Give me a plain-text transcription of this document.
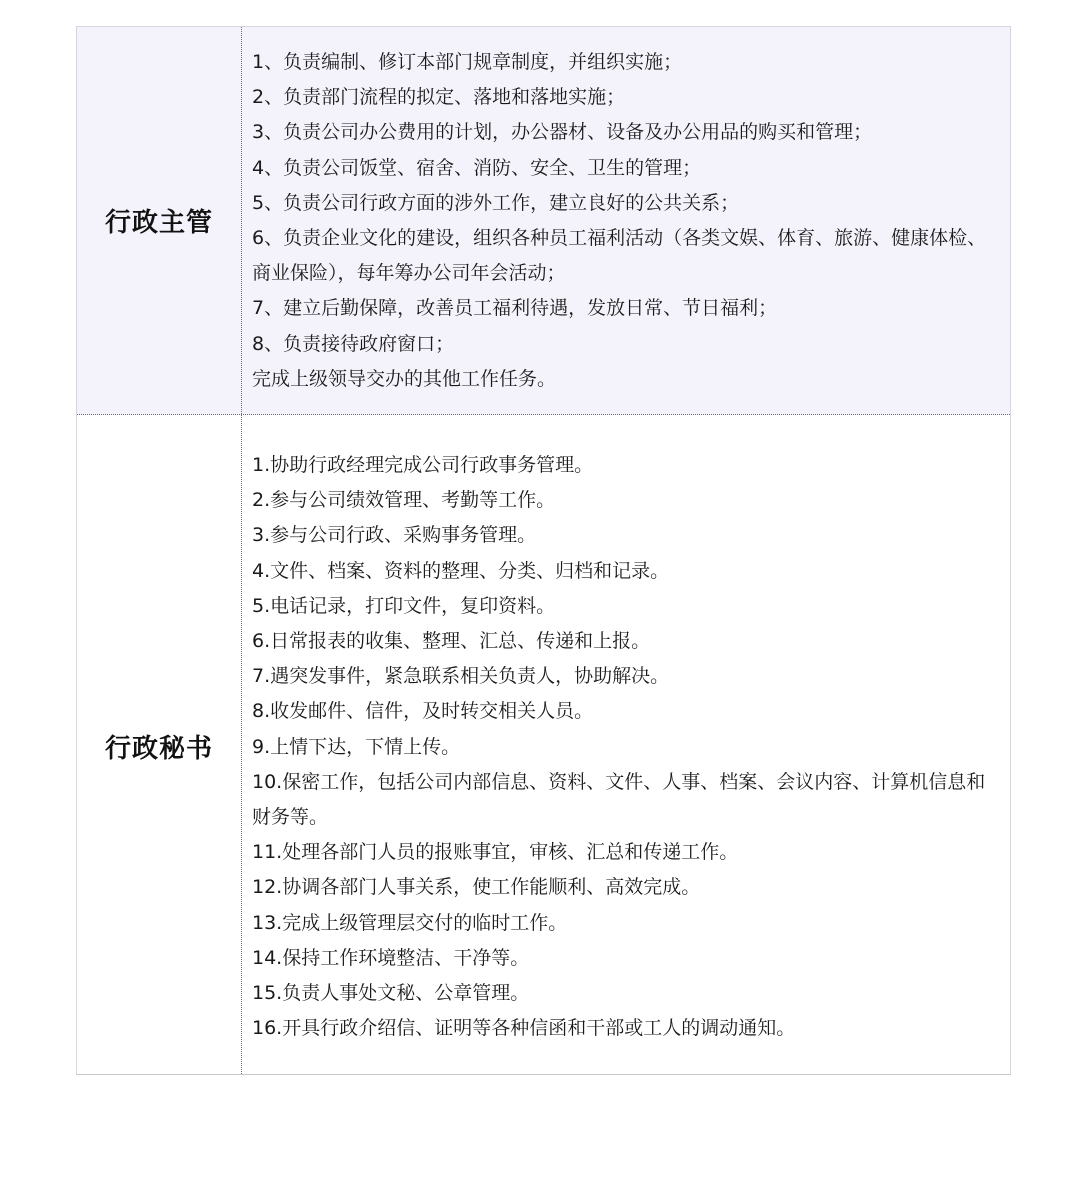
行政主管
1、负责编制、修订本部门规章制度，并组织实施；
2、负责部门流程的拟定、落地和落地实施；
3、负责公司办公费用的计划，办公器材、设备及办公用品的购买和管理；
4、负责公司饭堂、宿舍、消防、安全、卫生的管理；
5、负责公司行政方面的涉外工作，建立良好的公共关系；
6、负责企业文化的建设，组织各种员工福利活动（各类文娱、体育、旅游、健康体检、商业保险），每年筹办公司年会活动；
7、建立后勤保障，改善员工福利待遇，发放日常、节日福利；
8、负责接待政府窗口；
完成上级领导交办的其他工作任务。
行政秘书
1.协助行政经理完成公司行政事务管理。
2.参与公司绩效管理、考勤等工作。
3.参与公司行政、采购事务管理。
4.文件、档案、资料的整理、分类、归档和记录。
5.电话记录，打印文件，复印资料。
6.日常报表的收集、整理、汇总、传递和上报。
7.遇突发事件，紧急联系相关负责人，协助解决。
8.收发邮件、信件，及时转交相关人员。
9.上情下达，下情上传。
10.保密工作，包括公司内部信息、资料、文件、人事、档案、会议内容、计算机信息和财务等。
11.处理各部门人员的报账事宜，审核、汇总和传递工作。
12.协调各部门人事关系，使工作能顺利、高效完成。
13.完成上级管理层交付的临时工作。
14.保持工作环境整洁、干净等。
15.负责人事处文秘、公章管理。
16.开具行政介绍信、证明等各种信函和干部或工人的调动通知。
